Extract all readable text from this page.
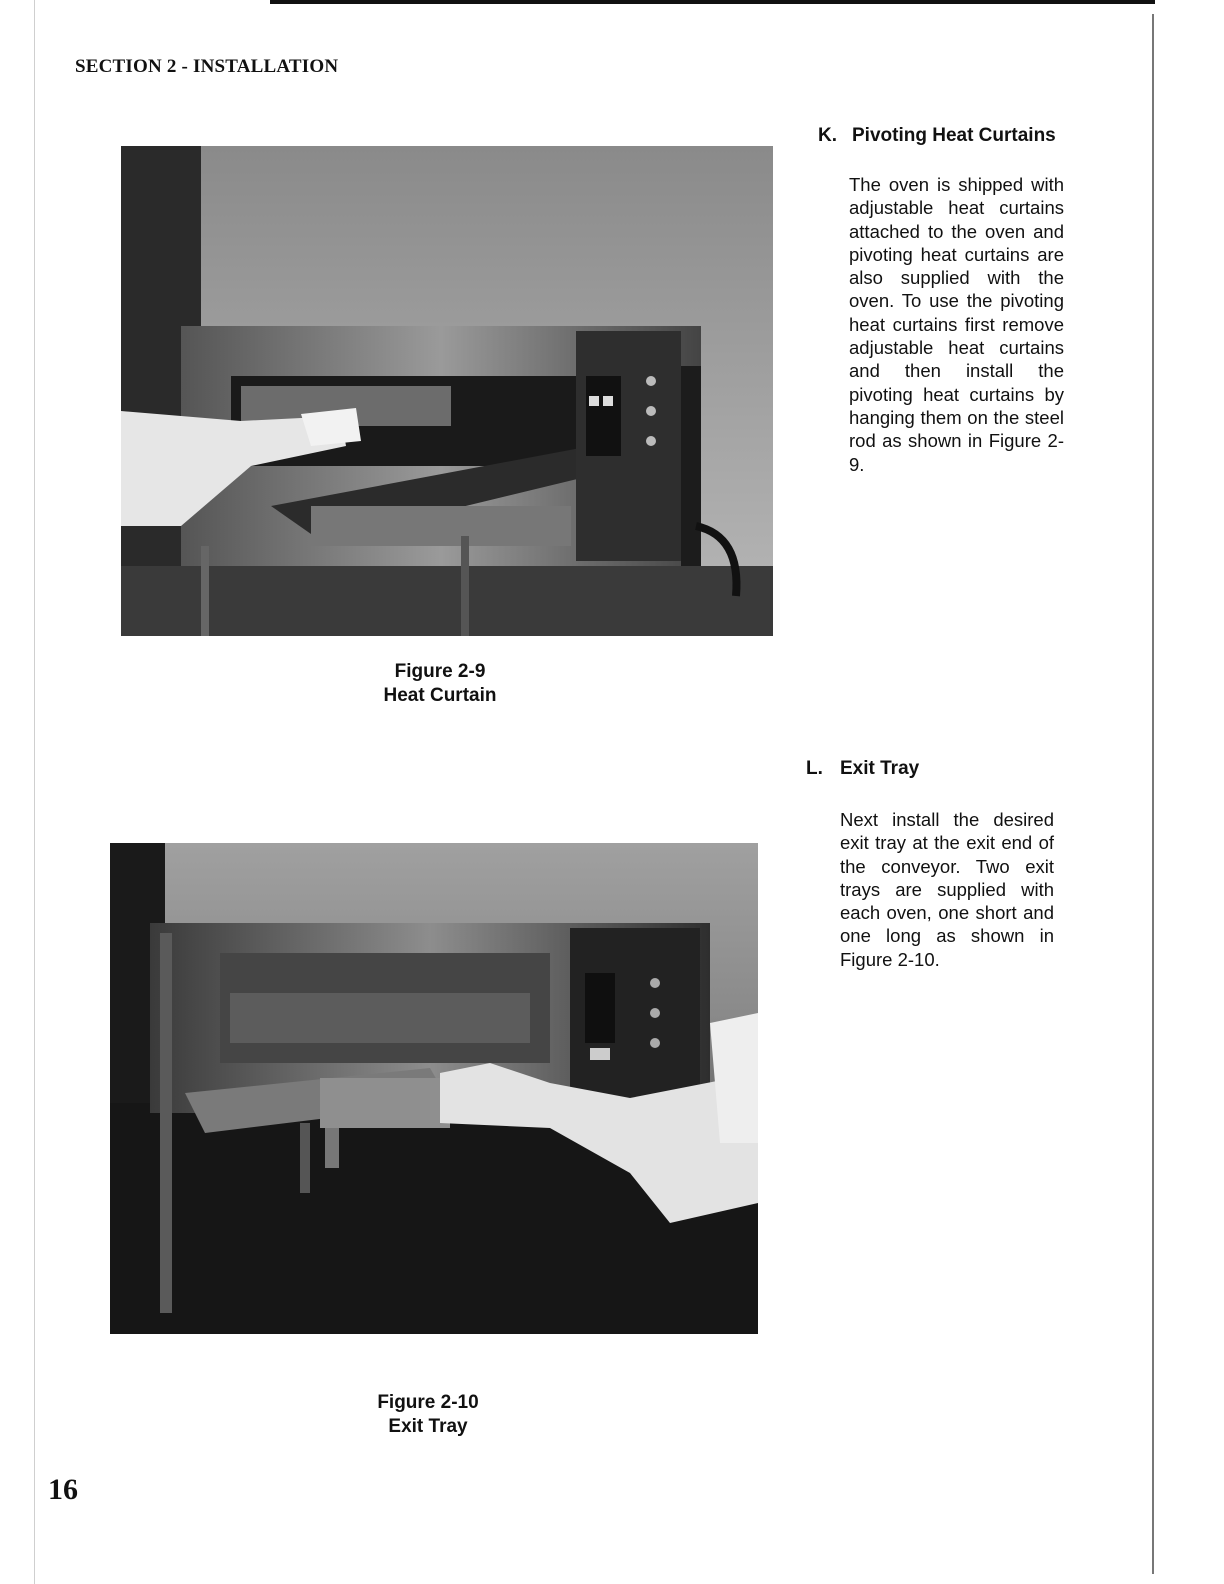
SECTION 2 - INSTALLATION
Figure 2-9
Heat Curtain
Figure 2-10
Exit Tray
K. Pivoting Heat Curtains
The oven is shipped with adjustable heat curtains attached to the oven and pivoting heat curtains are also supplied with the oven. To use the pivoting heat curtains first remove adjustable heat curtains and then install the pivoting heat curtains by hanging them on the steel rod as shown in Figure 2-9.
L. Exit Tray
Next install the desired exit tray at the exit end of the conveyor. Two exit trays are supplied with each oven, one short and one long as shown in Figure 2-10.
16
